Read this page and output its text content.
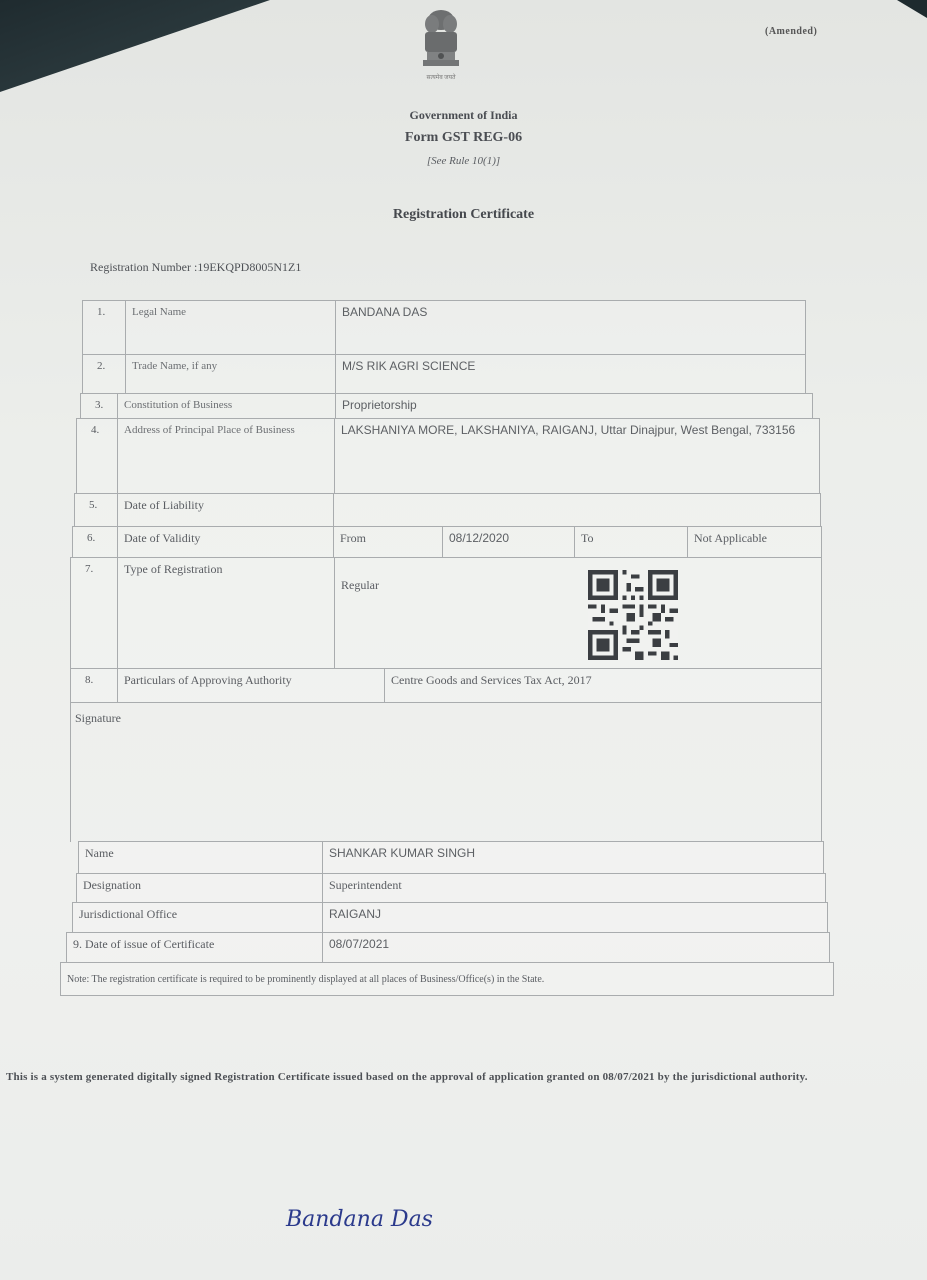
(Amended)
सत्यमेव जयते
Government of India
Form GST REG-06
[See Rule 10(1)]
Registration Certificate
Registration Number :19EKQPD8005N1Z1
1.	Legal Name	BANDANA DAS
2.	Trade Name, if any	M/S RIK AGRI SCIENCE
3.	Constitution of Business	Proprietorship
4.	Address of Principal Place of Business	LAKSHANIYA MORE, LAKSHANIYA, RAIGANJ, Uttar Dinajpur, West Bengal, 733156
5.	Date of Liability
6.	Date of Validity	From	08/12/2020	To	Not Applicable
7.	Type of Registration
Regular
8.	Particulars of Approving Authority	Centre Goods and Services Tax Act, 2017
Signature
Name	SHANKAR KUMAR SINGH
Designation	Superintendent
Jurisdictional Office	RAIGANJ
9. Date of issue of Certificate	08/07/2021
Note: The registration certificate is required to be prominently displayed at all places of Business/Office(s) in the State.
This is a system generated digitally signed Registration Certificate issued based on the approval of application granted on 08/07/2021 by the jurisdictional authority.
Bandana Das
